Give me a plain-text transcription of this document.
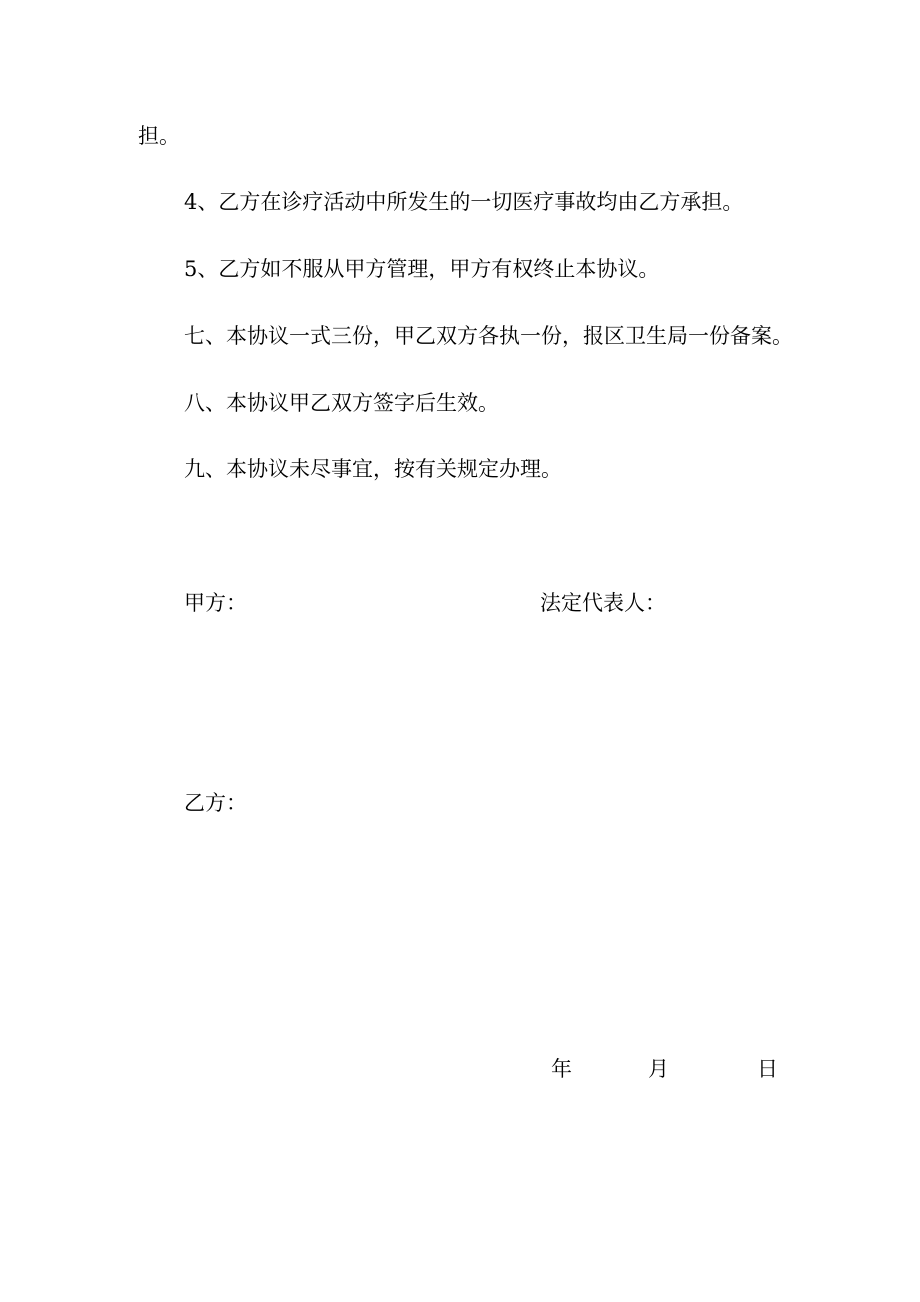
担。
4、乙方在诊疗活动中所发生的一切医疗事故均由乙方承担。
5、乙方如不服从甲方管理，甲方有权终止本协议。
七、本协议一式三份，甲乙双方各执一份，报区卫生局一份备案。
八、本协议甲乙双方签字后生效。
九、本协议未尽事宜，按有关规定办理。
甲方：	法定代表人：
乙方：
年	月	日
